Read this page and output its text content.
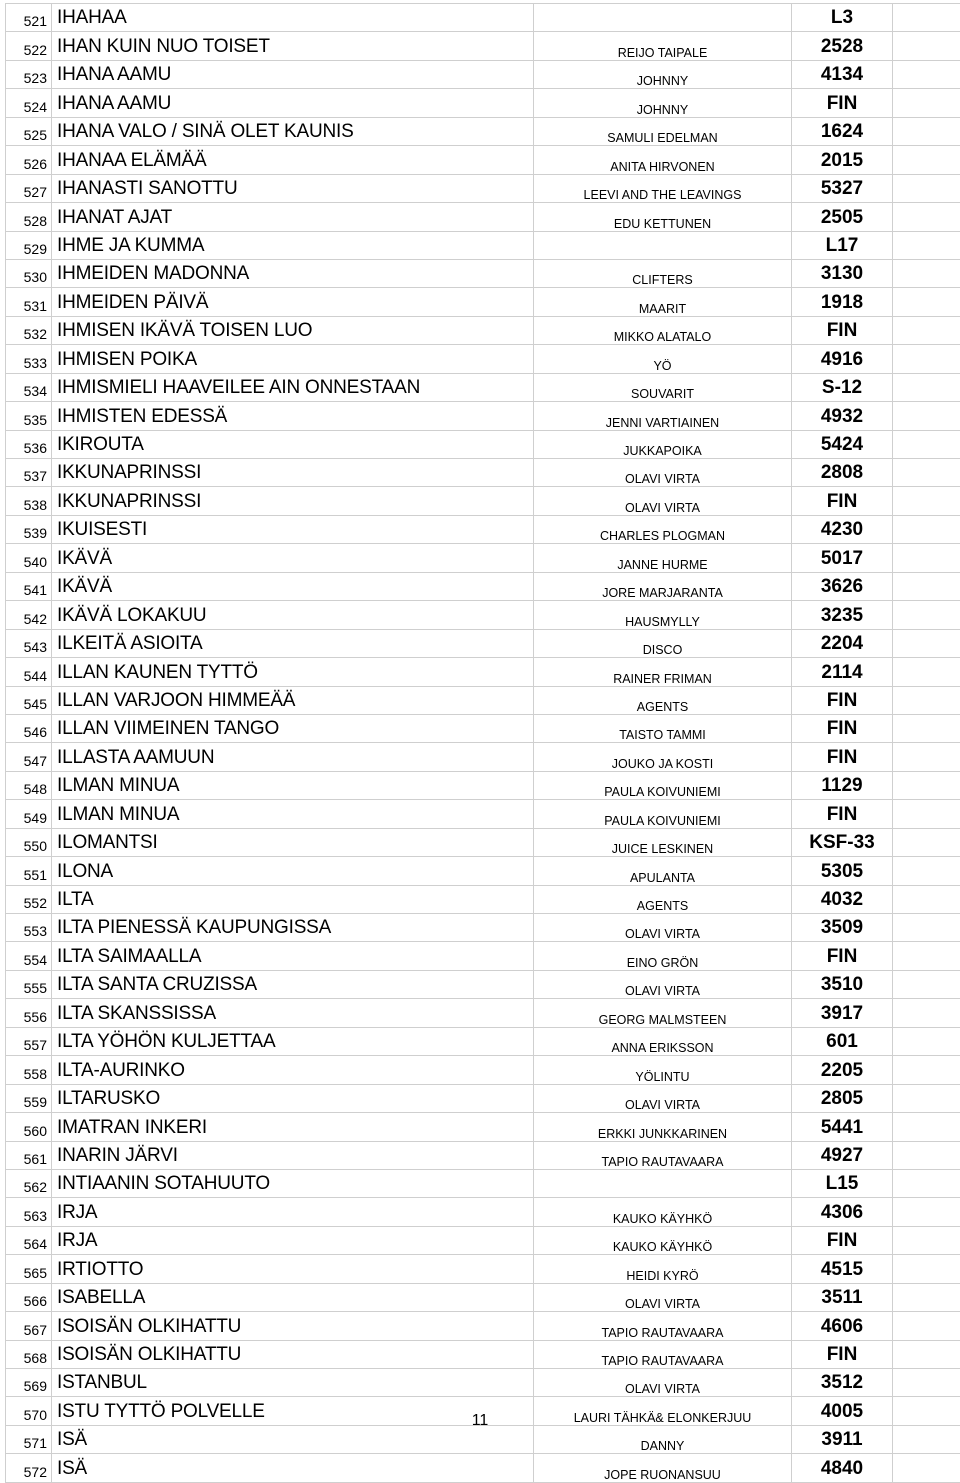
521	IHAHAA		L3	
522	IHAN KUIN NUO TOISET	REIJO TAIPALE	2528	
523	IHANA AAMU	JOHNNY	4134	
524	IHANA AAMU	JOHNNY	FIN	
525	IHANA VALO / SINÄ OLET KAUNIS	SAMULI EDELMAN	1624	
526	IHANAA ELÄMÄÄ	ANITA HIRVONEN	2015	
527	IHANASTI SANOTTU	LEEVI AND THE LEAVINGS	5327	
528	IHANAT AJAT	EDU KETTUNEN	2505	
529	IHME JA KUMMA		L17	
530	IHMEIDEN MADONNA	CLIFTERS	3130	
531	IHMEIDEN PÄIVÄ	MAARIT	1918	
532	IHMISEN IKÄVÄ TOISEN LUO	MIKKO ALATALO	FIN	
533	IHMISEN POIKA	YÖ	4916	
534	IHMISMIELI HAAVEILEE AIN ONNESTAAN	SOUVARIT	S-12	
535	IHMISTEN EDESSÄ	JENNI VARTIAINEN	4932	
536	IKIROUTA	JUKKAPOIKA	5424	
537	IKKUNAPRINSSI	OLAVI VIRTA	2808	
538	IKKUNAPRINSSI	OLAVI VIRTA	FIN	
539	IKUISESTI	CHARLES PLOGMAN	4230	
540	IKÄVÄ	JANNE HURME	5017	
541	IKÄVÄ	JORE MARJARANTA	3626	
542	IKÄVÄ LOKAKUU	HAUSMYLLY	3235	
543	ILKEITÄ ASIOITA	DISCO	2204	
544	ILLAN KAUNEN TYTTÖ	RAINER FRIMAN	2114	
545	ILLAN VARJOON HIMMEÄÄ	AGENTS	FIN	
546	ILLAN VIIMEINEN TANGO	TAISTO TAMMI	FIN	
547	ILLASTA AAMUUN	JOUKO JA KOSTI	FIN	
548	ILMAN MINUA	PAULA KOIVUNIEMI	1129	
549	ILMAN MINUA	PAULA KOIVUNIEMI	FIN	
550	ILOMANTSI	JUICE LESKINEN	KSF-33	
551	ILONA	APULANTA	5305	
552	ILTA	AGENTS	4032	
553	ILTA PIENESSÄ KAUPUNGISSA	OLAVI VIRTA	3509	
554	ILTA SAIMAALLA	EINO GRÖN	FIN	
555	ILTA SANTA CRUZISSA	OLAVI VIRTA	3510	
556	ILTA SKANSSISSA	GEORG MALMSTEEN	3917	
557	ILTA YÖHÖN KULJETTAA	ANNA ERIKSSON	601	
558	ILTA-AURINKO	YÖLINTU	2205	
559	ILTARUSKO	OLAVI VIRTA	2805	
560	IMATRAN INKERI	ERKKI JUNKKARINEN	5441	
561	INARIN JÄRVI	TAPIO RAUTAVAARA	4927	
562	INTIAANIN SOTAHUUTO		L15	
563	IRJA	KAUKO KÄYHKÖ	4306	
564	IRJA	KAUKO KÄYHKÖ	FIN	
565	IRTIOTTO	HEIDI KYRÖ	4515	
566	ISABELLA	OLAVI VIRTA	3511	
567	ISOISÄN OLKIHATTU	TAPIO RAUTAVAARA	4606	
568	ISOISÄN OLKIHATTU	TAPIO RAUTAVAARA	FIN	
569	ISTANBUL	OLAVI VIRTA	3512	
570	ISTU TYTTÖ POLVELLE	LAURI TÄHKÄ& ELONKERJUU	4005	
571	ISÄ	DANNY	3911	
572	ISÄ	JOPE RUONANSUU	4840	
11
